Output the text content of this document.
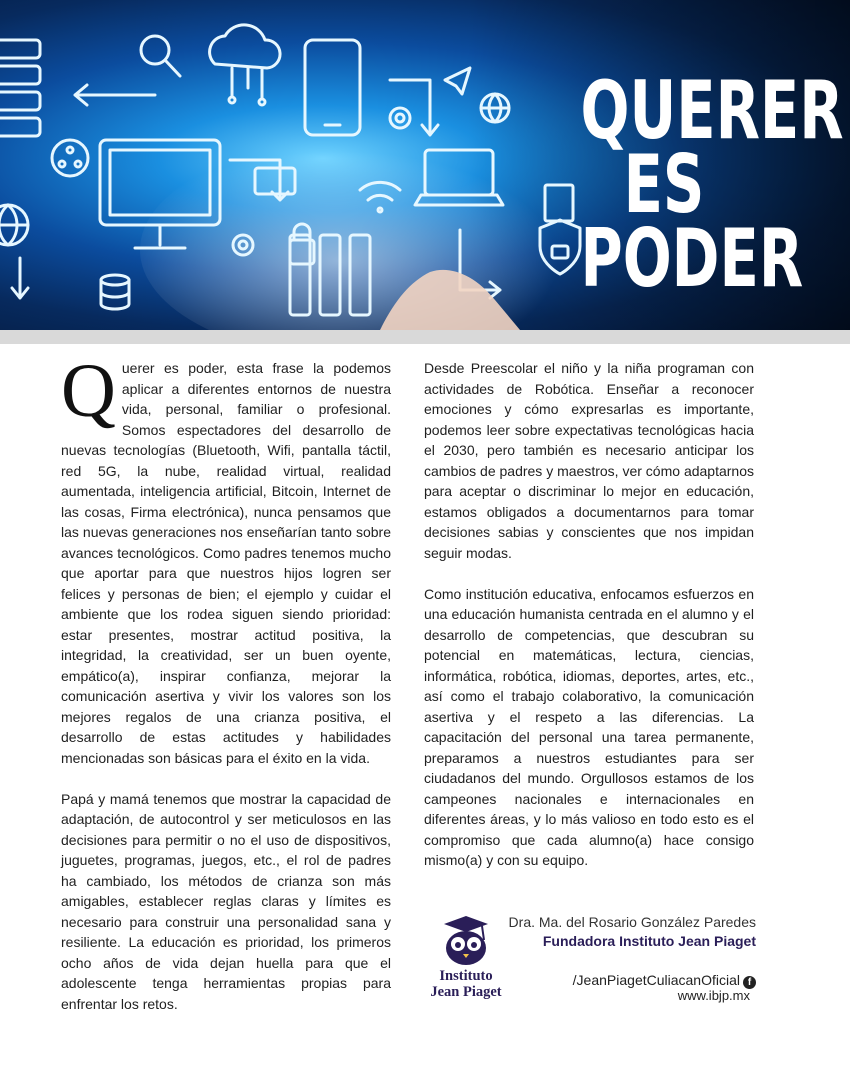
QUERER
ES
PODER

Querer es poder, esta frase la podemos aplicar a diferentes entornos de nuestra vida, personal, familiar o profesional. Somos espectadores del desarrollo de nuevas tecnologías (Bluetooth, Wifi, pantalla táctil, red 5G, la nube, realidad virtual, realidad aumentada, inteligencia artificial, Bitcoin, Internet de las cosas, Firma electrónica), nunca pensamos que las nuevas generaciones nos enseñarían tanto sobre avances tecnológicos. Como padres tenemos mucho que aportar para que nuestros hijos logren ser felices y personas de bien; el ejemplo y cuidar el ambiente que los rodea siguen siendo prioridad: estar presentes, mostrar actitud positiva, la integridad, la creatividad, ser un buen oyente, empático(a), inspirar confianza, mejorar la comunicación asertiva y vivir los valores son los mejores regalos de una crianza positiva, el desarrollo de estas actitudes y habilidades mencionadas son básicas para el éxito en la vida.

Papá y mamá tenemos que mostrar la capacidad de adaptación, de autocontrol y ser meticulosos en las decisiones para permitir o no el uso de dispositivos, juguetes, programas, juegos, etc., el rol de padres ha cambiado, los métodos de crianza son más amigables, establecer reglas claras y límites es necesario para construir una personalidad sana y resiliente. La educación es prioridad, los primeros ocho años de vida dejan huella para que el adolescente tenga herramientas propias para enfrentar los retos.

Desde Preescolar el niño y la niña programan con actividades de Robótica. Enseñar a reconocer emociones y cómo expresarlas es importante, podemos leer sobre expectativas tecnológicas hacia el 2030, pero también es necesario anticipar los cambios de padres y maestros, ver cómo adaptarnos para aceptar o discriminar lo mejor en educación, estamos obligados a documentarnos para tomar decisiones sabias y conscientes que nos impidan seguir modas.

Como institución educativa, enfocamos esfuerzos en una educación humanista centrada en el alumno y el desarrollo de competencias, que descubran su potencial en matemáticas, lectura, ciencias, informática, robótica, idiomas, deportes, artes, etc., así como el trabajo colaborativo, la comunicación asertiva y el respeto a las diferencias. La capacitación del personal una tarea permanente, preparamos a nuestros estudiantes para ser ciudadanos del mundo. Orgullosos estamos de los campeones nacionales e internacionales en diferentes áreas, y lo más valioso en todo esto es el compromiso que cada alumno(a) hace consigo mismo(a) y con su equipo.

Instituto
Jean Piaget
Dra. Ma. del Rosario González Paredes
Fundadora Instituto Jean Piaget
/JeanPiagetCuliacanOficial f
www.ibjp.mx
